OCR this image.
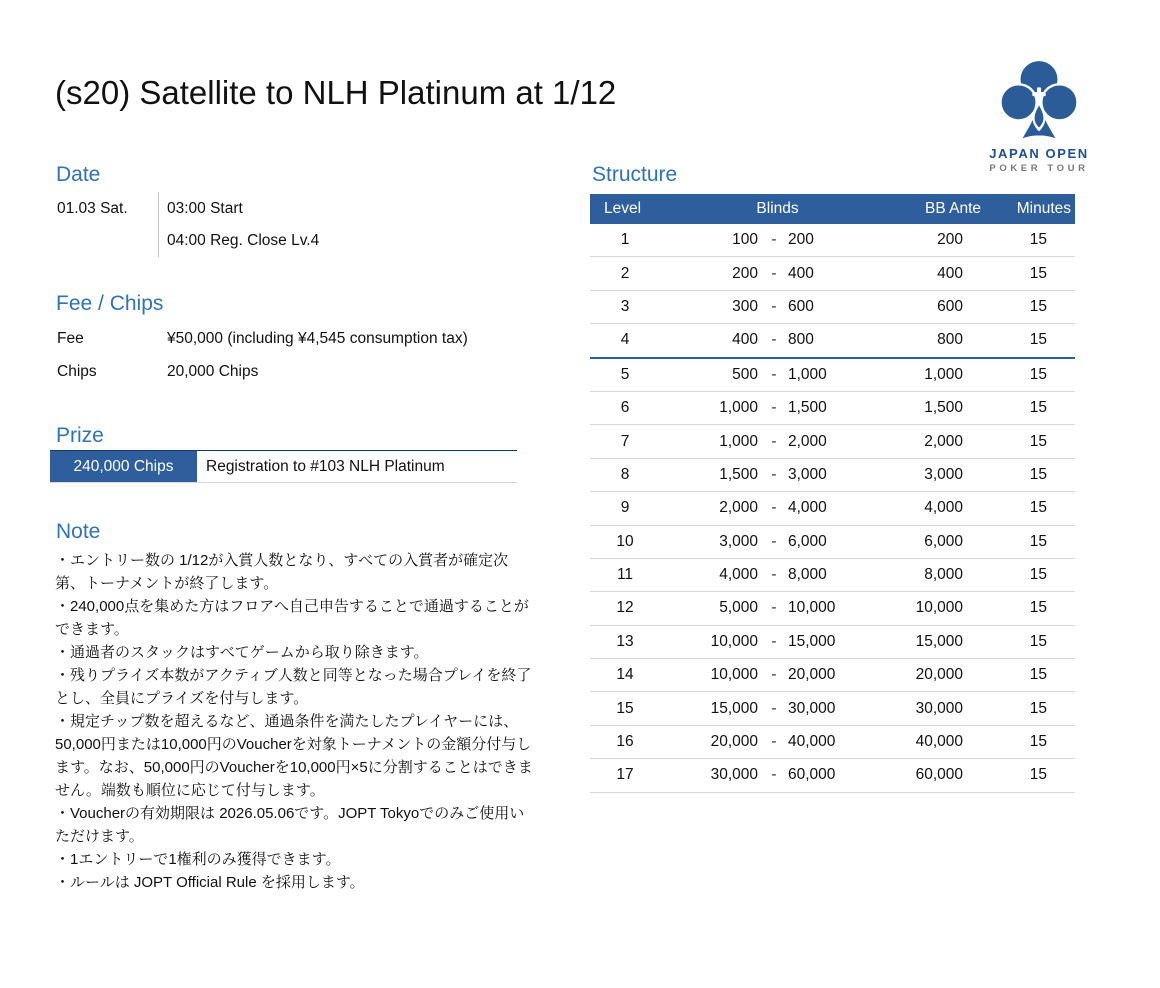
(s20) Satellite to NLH Platinum at 1/12
JAPAN OPEN
POKER TOUR
Date
01.03 Sat.	03:00 Start
04:00 Reg. Close Lv.4
Fee / Chips
Fee	¥50,000 (including ¥4,545 consumption tax)
Chips	20,000 Chips
Prize
240,000 Chips	Registration to #103 NLH Platinum
Note
・エントリー数の 1/12が入賞人数となり、すべての入賞者が確定次第、トーナメントが終了します。
・240,000点を集めた方はフロアへ自己申告することで通過することができます。
・通過者のスタックはすべてゲームから取り除きます。
・残りプライズ本数がアクティブ人数と同等となった場合プレイを終了とし、全員にプライズを付与します。
・規定チップ数を超えるなど、通過条件を満たしたプレイヤーには、50,000円または10,000円のVoucherを対象トーナメントの金額分付与します。なお、50,000円のVoucherを10,000円×5に分割することはできません。端数も順位に応じて付与します。
・Voucherの有効期限は 2026.05.06です。JOPT Tokyoでのみご使用いただけます。
・1エントリーで1権利のみ獲得できます。
・ルールは JOPT Official Rule を採用します。
Structure
Level	Blinds			BB Ante	Minutes
1	100	-	200	200	15
2	200	-	400	400	15
3	300	-	600	600	15
4	400	-	800	800	15
5	500	-	1,000	1,000	15
6	1,000	-	1,500	1,500	15
7	1,000	-	2,000	2,000	15
8	1,500	-	3,000	3,000	15
9	2,000	-	4,000	4,000	15
10	3,000	-	6,000	6,000	15
11	4,000	-	8,000	8,000	15
12	5,000	-	10,000	10,000	15
13	10,000	-	15,000	15,000	15
14	10,000	-	20,000	20,000	15
15	15,000	-	30,000	30,000	15
16	20,000	-	40,000	40,000	15
17	30,000	-	60,000	60,000	15
